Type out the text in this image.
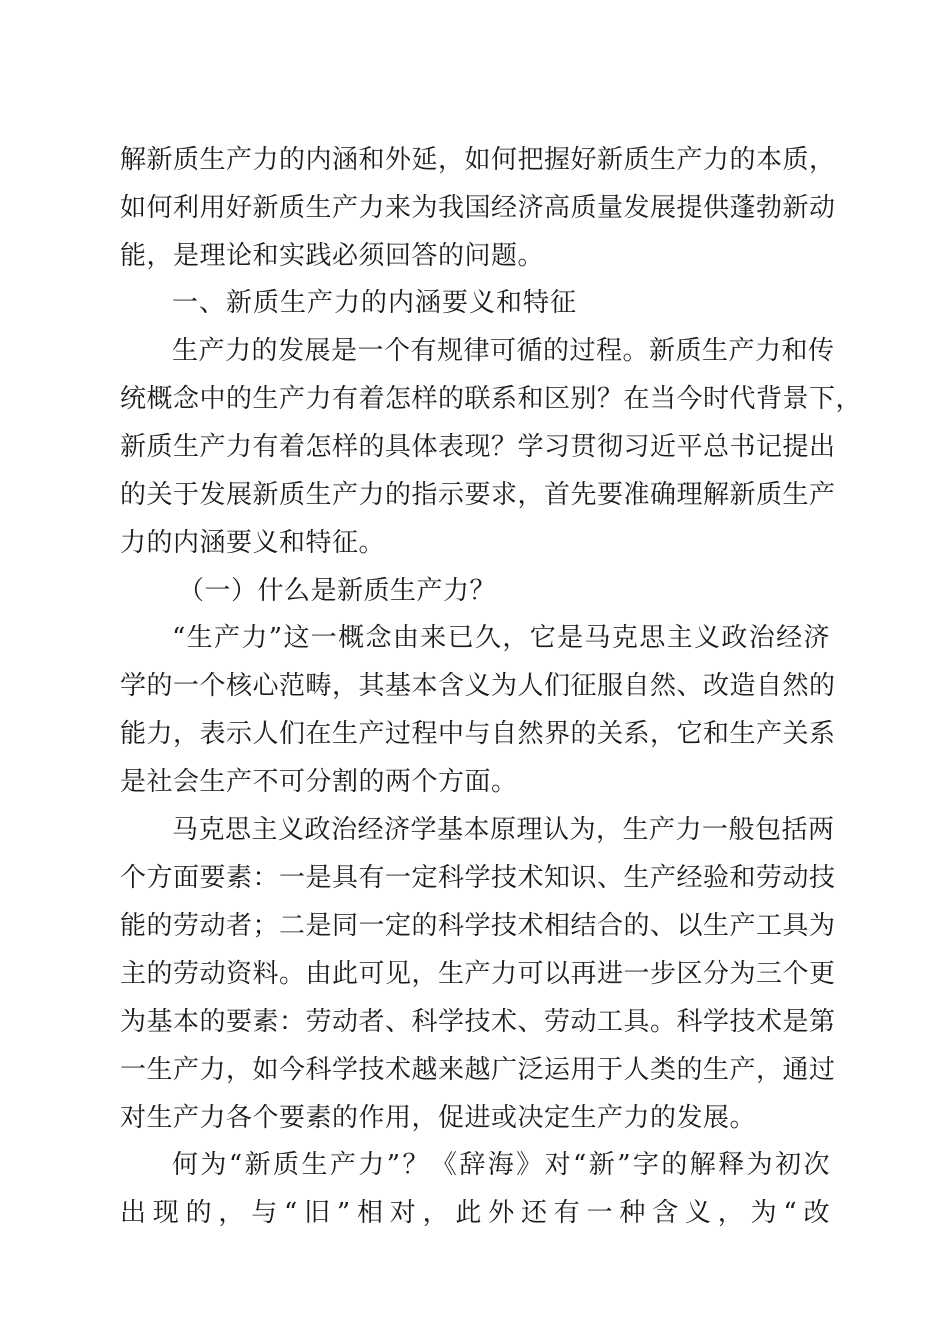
解新质生产力的内涵和外延，如何把握好新质生产力的本质，
如何利用好新质生产力来为我国经济高质量发展提供蓬勃新动
能，是理论和实践必须回答的问题。
一、新质生产力的内涵要义和特征
生产力的发展是一个有规律可循的过程。新质生产力和传
统概念中的生产力有着怎样的联系和区别？在当今时代背景下，
新质生产力有着怎样的具体表现？学习贯彻习近平总书记提出
的关于发展新质生产力的指示要求，首先要准确理解新质生产
力的内涵要义和特征。
（一）什么是新质生产力？
“生产力”这一概念由来已久，它是马克思主义政治经济
学的一个核心范畴，其基本含义为人们征服自然、改造自然的
能力，表示人们在生产过程中与自然界的关系，它和生产关系
是社会生产不可分割的两个方面。
马克思主义政治经济学基本原理认为，生产力一般包括两
个方面要素：一是具有一定科学技术知识、生产经验和劳动技
能的劳动者；二是同一定的科学技术相结合的、以生产工具为
主的劳动资料。由此可见，生产力可以再进一步区分为三个更
为基本的要素：劳动者、科学技术、劳动工具。科学技术是第
一生产力，如今科学技术越来越广泛运用于人类的生产，通过
对生产力各个要素的作用，促进或决定生产力的发展。
何为“新质生产力”？《辞海》对“新”字的解释为初次
出现的，与“旧”相对，此外还有一种含义，为“改
